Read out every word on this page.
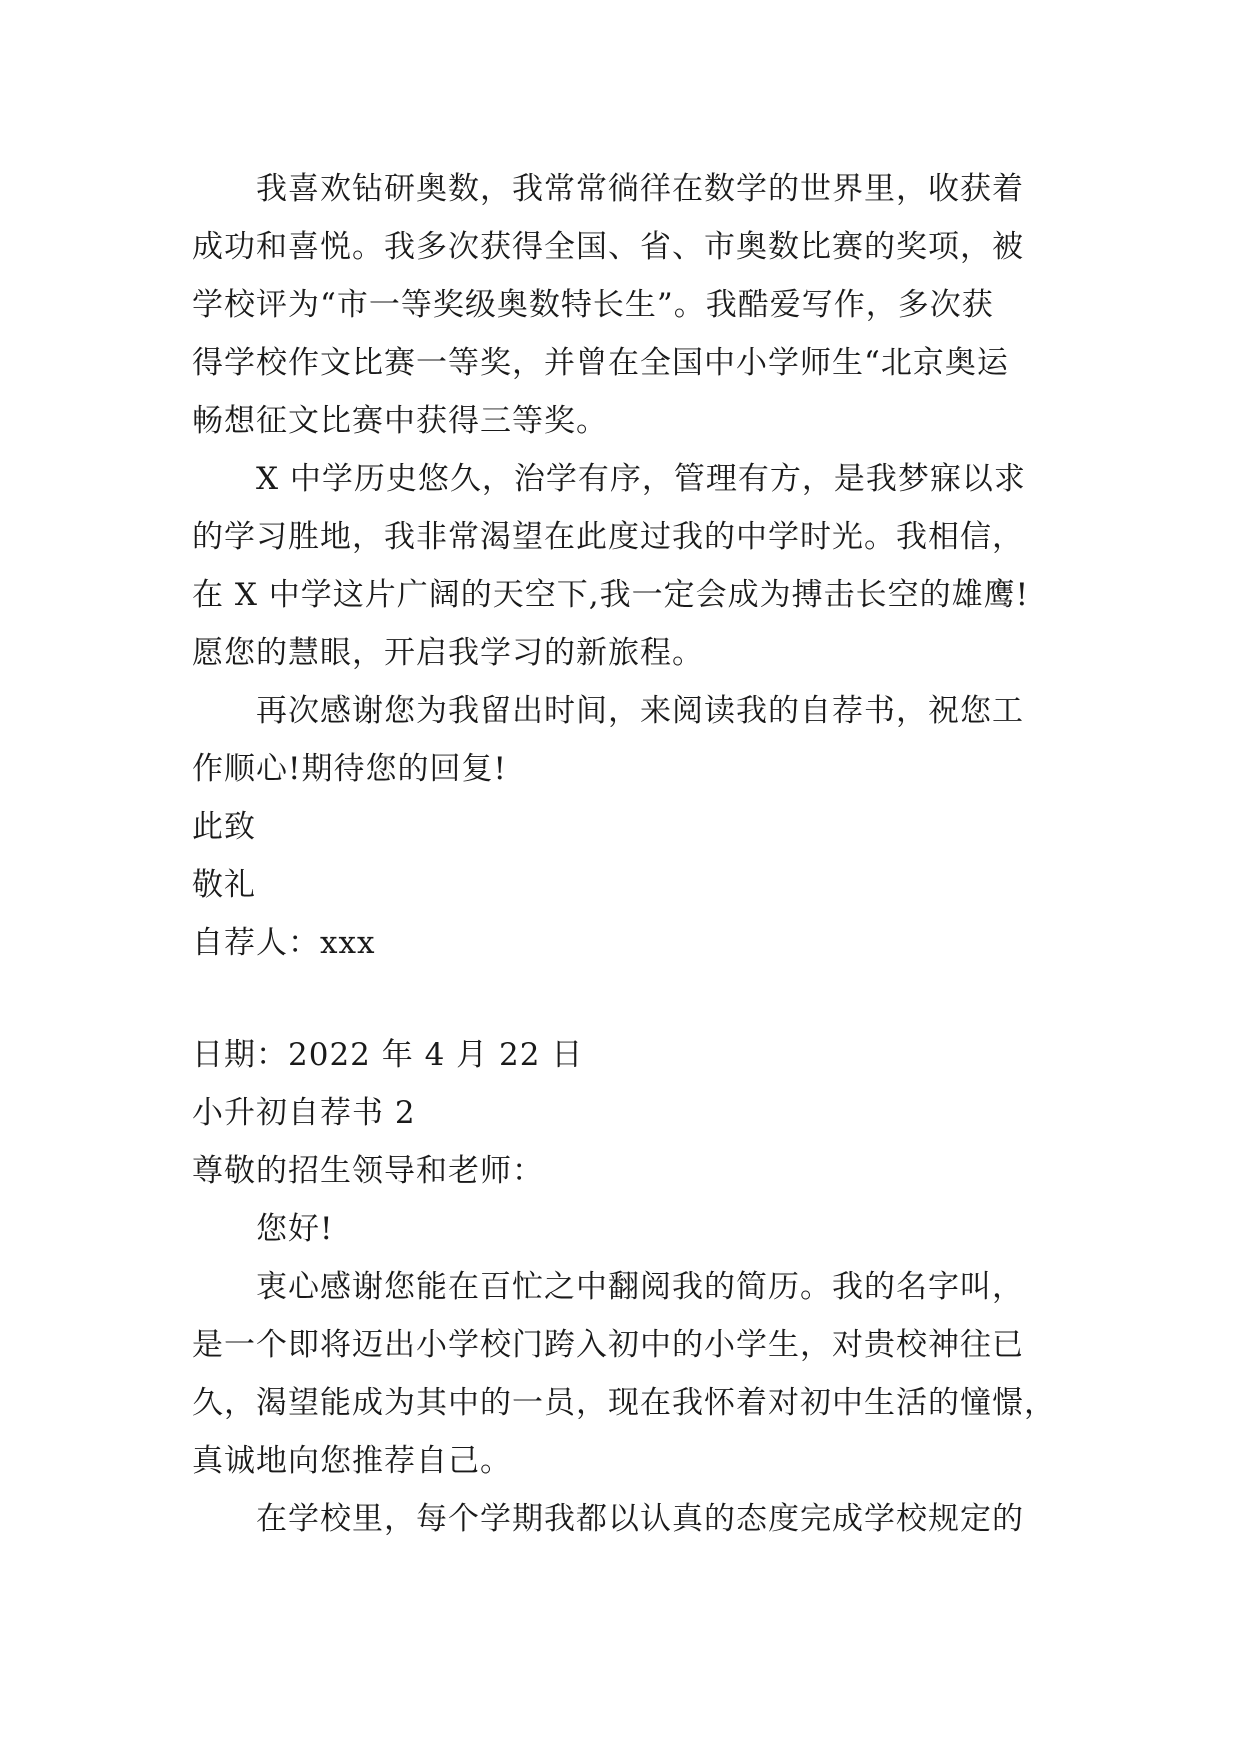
我喜欢钻研奥数，我常常徜徉在数学的世界里，收获着
成功和喜悦。我多次获得全国、省、市奥数比赛的奖项，被
学校评为“市一等奖级奥数特长生”。我酷爱写作，多次获
得学校作文比赛一等奖，并曾在全国中小学师生“北京奥运
畅想征文比赛中获得三等奖。
X 中学历史悠久，治学有序，管理有方，是我梦寐以求
的学习胜地，我非常渴望在此度过我的中学时光。我相信，
在 X 中学这片广阔的天空下,我一定会成为搏击长空的雄鹰!
愿您的慧眼，开启我学习的新旅程。
再次感谢您为我留出时间，来阅读我的自荐书，祝您工
作顺心!期待您的回复!
此致
敬礼
自荐人：xxx
日期：2022 年 4 月 22 日
小升初自荐书 2
尊敬的招生领导和老师：
您好!
衷心感谢您能在百忙之中翻阅我的简历。我的名字叫，
是一个即将迈出小学校门跨入初中的小学生，对贵校神往已
久，渴望能成为其中的一员，现在我怀着对初中生活的憧憬，
真诚地向您推荐自己。
在学校里，每个学期我都以认真的态度完成学校规定的
